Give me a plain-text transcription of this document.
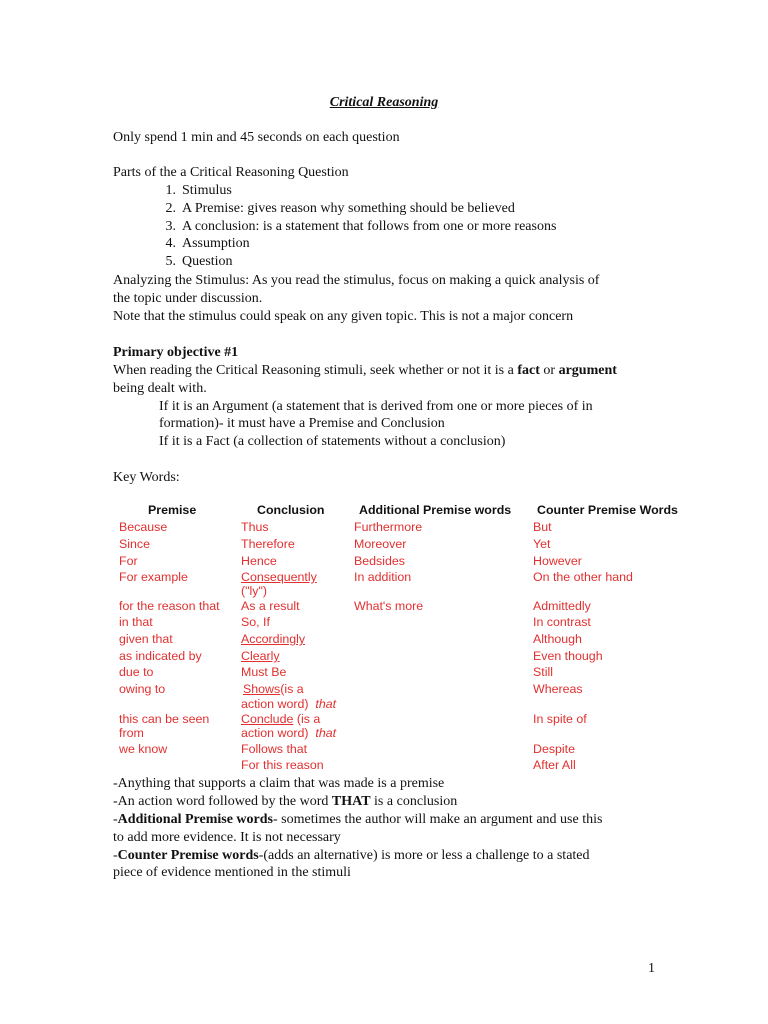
Critical Reasoning
Only spend 1 min and 45 seconds on each question
Parts of the a Critical Reasoning Question
1. Stimulus
2. A Premise: gives reason why something should be believed
3. A conclusion: is a statement that follows from one or more reasons
4. Assumption
5. Question
Analyzing the Stimulus: As you read the stimulus, focus on making a quick analysis of
the topic under discussion.
Note that the stimulus could speak on any given topic. This is not a major concern
Primary objective #1
When reading the Critical Reasoning stimuli, seek whether or not it is a fact or argument
being dealt with.
If it is an Argument (a statement that is derived from one or more pieces of in
formation)- it must have a Premise and Conclusion
If it is a Fact (a collection of statements without a conclusion)
Key Words:
Premise	Conclusion	Additional Premise words Counter Premise Words
Because
Since
For
For example
for the reason that
in that
given that
as indicated by
due to
owing to
this can be seen
from
we know
Thus
Therefore
Hence
Consequently
("ly")
As a result
So, If
Accordingly
Clearly
Must Be
Shows(is a
action word) that
Conclude (is a
action word) that
Follows that
For this reason
Furthermore
Moreover
Bedsides
In addition
What's more
But
Yet
However
On the other hand
Admittedly
In contrast
Although
Even though
Still
Whereas
In spite of
Despite
After All
-Anything that supports a claim that was made is a premise
-An action word followed by the word THAT is a conclusion
-Additional Premise words- sometimes the author will make an argument and use this
to add more evidence. It is not necessary
-Counter Premise words-(adds an alternative) is more or less a challenge to a stated
piece of evidence mentioned in the stimuli
1
